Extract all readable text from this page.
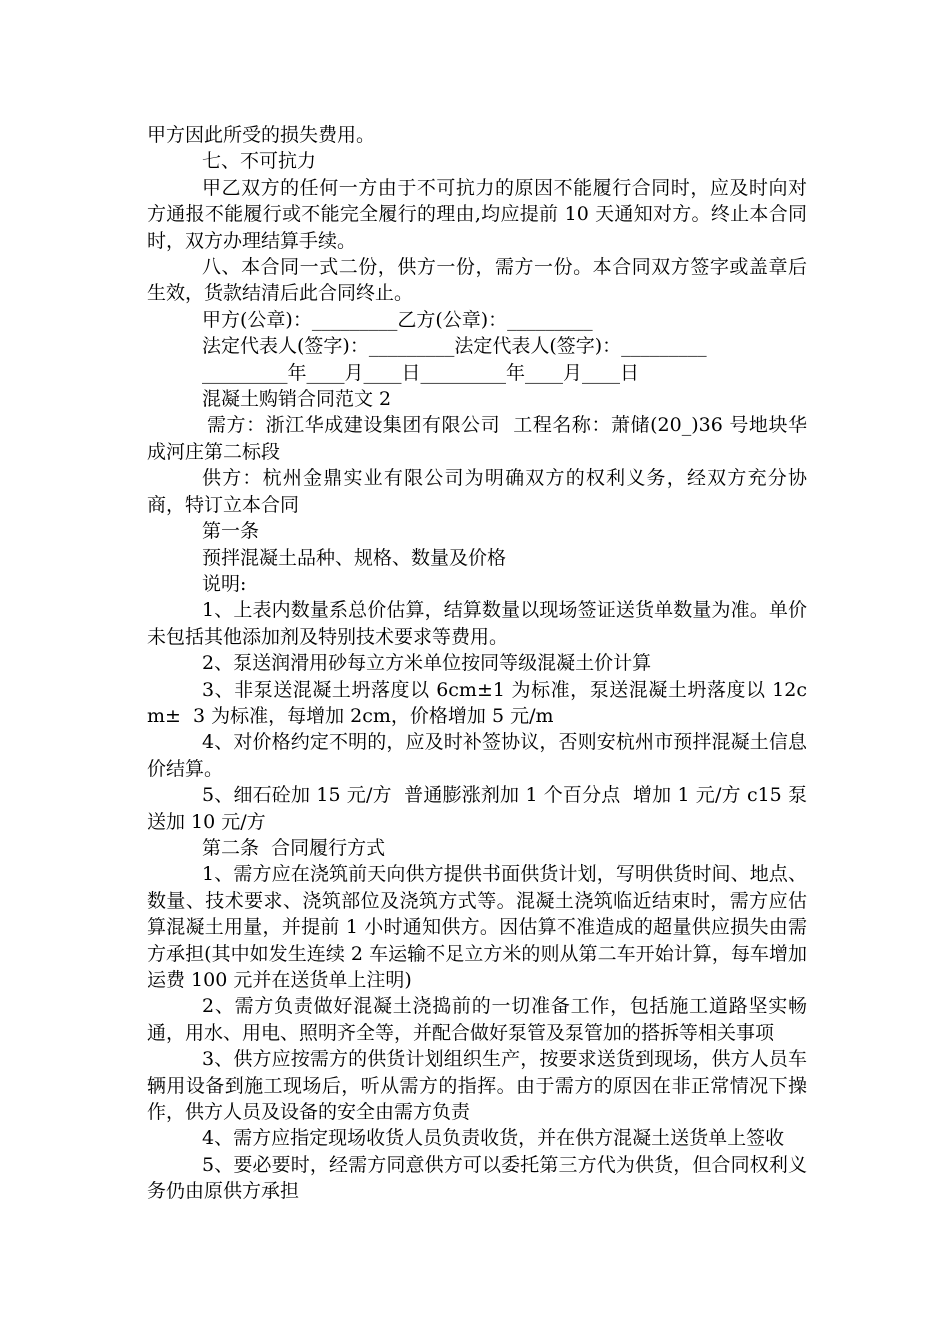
甲方因此所受的损失费用。

七、不可抗力

甲乙双方的任何一方由于不可抗力的原因不能履行合同时，应及时向对方通报不能履行或不能完全履行的理由,均应提前 10 天通知对方。终止本合同时，双方办理结算手续。

八、本合同一式二份，供方一份，需方一份。本合同双方签字或盖章后生效，货款结清后此合同终止。

甲方(公章)：_________乙方(公章)：_________

法定代表人(签字)：_________法定代表人(签字)：_________

_________年____月____日_________年____月____日

混凝土购销合同范文 2

需方：浙江华成建设集团有限公司  工程名称：萧储(20_)36 号地块华成河庄第二标段

供方：杭州金鼎实业有限公司为明确双方的权利义务，经双方充分协商，特订立本合同

第一条

预拌混凝土品种、规格、数量及价格

说明:

1、上表内数量系总价估算，结算数量以现场签证送货单数量为准。单价未包括其他添加剂及特别技术要求等费用。

2、泵送润滑用砂每立方米单位按同等级混凝土价计算

3、非泵送混凝土坍落度以 6cm±1 为标准，泵送混凝土坍落度以 12cm±  3 为标准，每增加 2cm，价格增加 5 元/m

4、对价格约定不明的，应及时补签协议，否则安杭州市预拌混凝土信息价结算。

5、细石砼加 15 元/方  普通膨涨剂加 1 个百分点  增加 1 元/方 c15 泵送加 10 元/方

第二条  合同履行方式

1、需方应在浇筑前天向供方提供书面供货计划，写明供货时间、地点、数量、技术要求、浇筑部位及浇筑方式等。混凝土浇筑临近结束时，需方应估算混凝土用量，并提前 1 小时通知供方。因估算不准造成的超量供应损失由需方承担(其中如发生连续 2 车运输不足立方米的则从第二车开始计算，每车增加运费 100 元并在送货单上注明)

2、需方负责做好混凝土浇捣前的一切准备工作，包括施工道路坚实畅通，用水、用电、照明齐全等，并配合做好泵管及泵管加的搭拆等相关事项

3、供方应按需方的供货计划组织生产，按要求送货到现场，供方人员车辆用设备到施工现场后，听从需方的指挥。由于需方的原因在非正常情况下操作，供方人员及设备的安全由需方负责

4、需方应指定现场收货人员负责收货，并在供方混凝土送货单上签收

5、要必要时，经需方同意供方可以委托第三方代为供货，但合同权利义务仍由原供方承担
